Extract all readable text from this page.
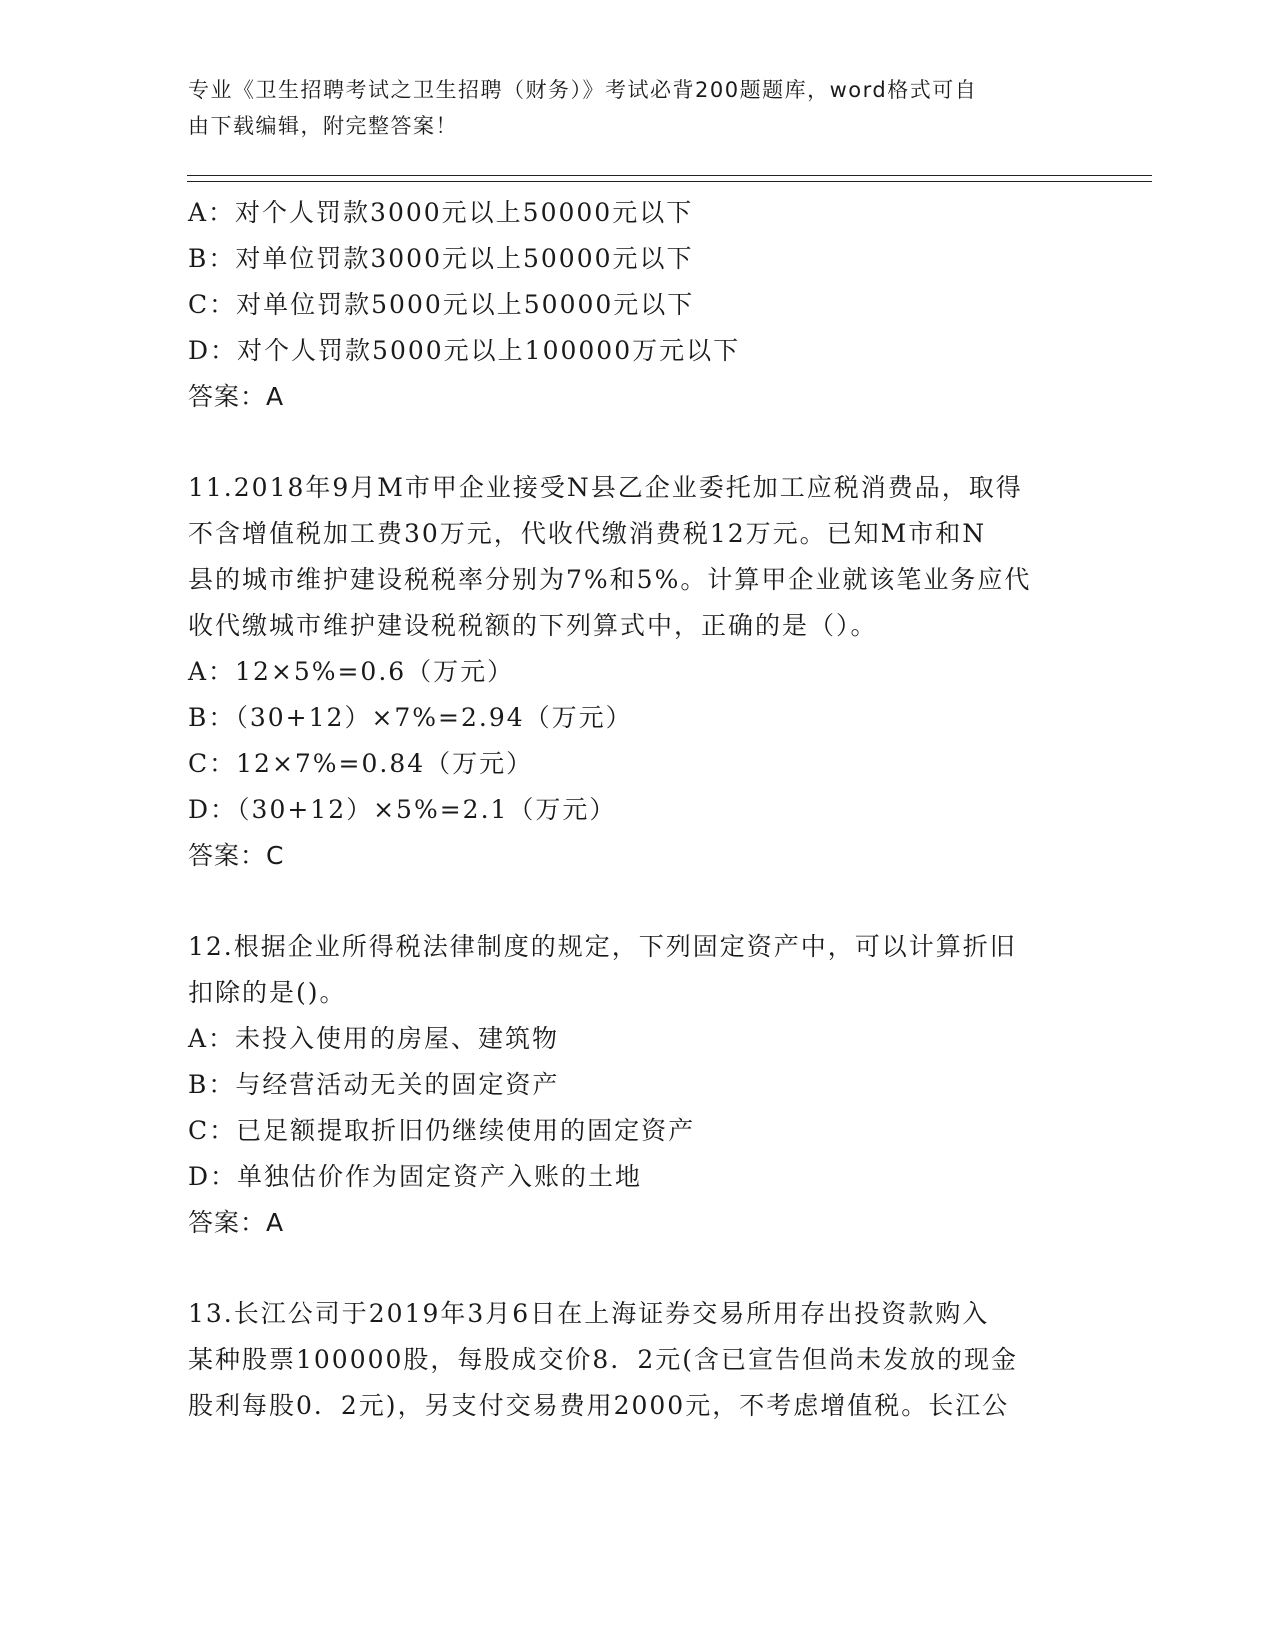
专业《卫生招聘考试之卫生招聘（财务）》考试必背200题题库，word格式可自
由下载编辑，附完整答案！
A：对个人罚款3000元以上50000元以下
B：对单位罚款3000元以上50000元以下
C：对单位罚款5000元以上50000元以下
D：对个人罚款5000元以上100000万元以下
答案：A
11.2018年9月M市甲企业接受N县乙企业委托加工应税消费品，取得
不含增值税加工费30万元，代收代缴消费税12万元。已知M市和N
县的城市维护建设税税率分别为7%和5%。计算甲企业就该笔业务应代
收代缴城市维护建设税税额的下列算式中，正确的是（）。
A：12×5%=0.6（万元）
B：（30+12）×7%=2.94（万元）
C：12×7%=0.84（万元）
D：（30+12）×5%=2.1（万元）
答案：C
12.根据企业所得税法律制度的规定，下列固定资产中，可以计算折旧
扣除的是()。
A：未投入使用的房屋、建筑物
B：与经营活动无关的固定资产
C：已足额提取折旧仍继续使用的固定资产
D：单独估价作为固定资产入账的土地
答案：A
13.长江公司于2019年3月6日在上海证券交易所用存出投资款购入
某种股票100000股，每股成交价8．2元(含已宣告但尚未发放的现金
股利每股0．2元)，另支付交易费用2000元，不考虑增值税。长江公
